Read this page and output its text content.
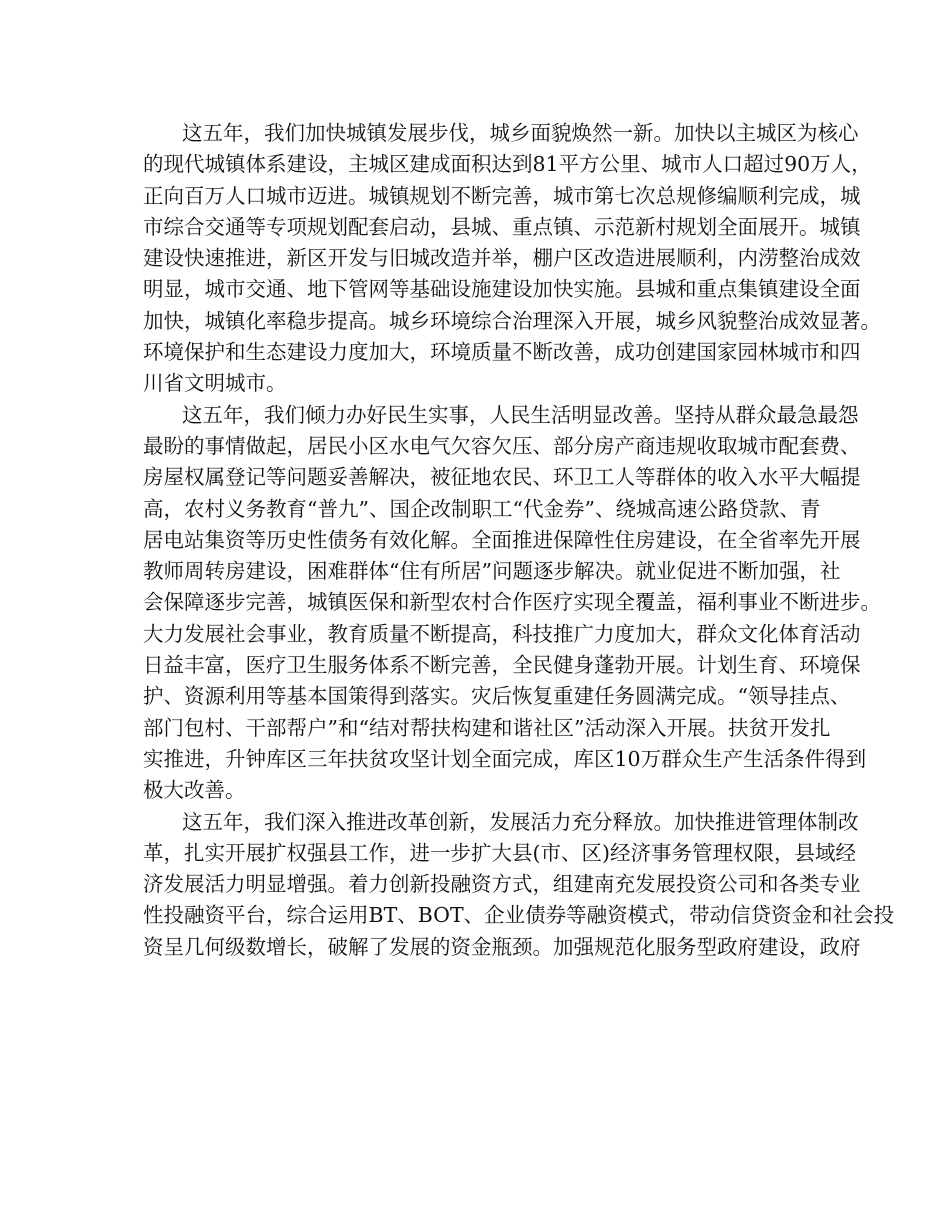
这五年，我们加快城镇发展步伐，城乡面貌焕然一新。加快以主城区为核心
的现代城镇体系建设，主城区建成面积达到81平方公里、城市人口超过90万人，
正向百万人口城市迈进。城镇规划不断完善，城市第七次总规修编顺利完成，城
市综合交通等专项规划配套启动，县城、重点镇、示范新村规划全面展开。城镇
建设快速推进，新区开发与旧城改造并举，棚户区改造进展顺利，内涝整治成效
明显，城市交通、地下管网等基础设施建设加快实施。县城和重点集镇建设全面
加快，城镇化率稳步提高。城乡环境综合治理深入开展，城乡风貌整治成效显著。
环境保护和生态建设力度加大，环境质量不断改善，成功创建国家园林城市和四
川省文明城市。
这五年，我们倾力办好民生实事，人民生活明显改善。坚持从群众最急最怨
最盼的事情做起，居民小区水电气欠容欠压、部分房产商违规收取城市配套费、
房屋权属登记等问题妥善解决，被征地农民、环卫工人等群体的收入水平大幅提
高，农村义务教育“普九”、国企改制职工“代金券”、绕城高速公路贷款、青
居电站集资等历史性债务有效化解。全面推进保障性住房建设，在全省率先开展
教师周转房建设，困难群体“住有所居”问题逐步解决。就业促进不断加强，社
会保障逐步完善，城镇医保和新型农村合作医疗实现全覆盖，福利事业不断进步。
大力发展社会事业，教育质量不断提高，科技推广力度加大，群众文化体育活动
日益丰富，医疗卫生服务体系不断完善，全民健身蓬勃开展。计划生育、环境保
护、资源利用等基本国策得到落实。灾后恢复重建任务圆满完成。“领导挂点、
部门包村、干部帮户”和“结对帮扶构建和谐社区”活动深入开展。扶贫开发扎
实推进，升钟库区三年扶贫攻坚计划全面完成，库区10万群众生产生活条件得到
极大改善。
这五年，我们深入推进改革创新，发展活力充分释放。加快推进管理体制改
革，扎实开展扩权强县工作，进一步扩大县(市、区)经济事务管理权限，县域经
济发展活力明显增强。着力创新投融资方式，组建南充发展投资公司和各类专业
性投融资平台，综合运用BT、BOT、企业债券等融资模式，带动信贷资金和社会投
资呈几何级数增长，破解了发展的资金瓶颈。加强规范化服务型政府建设，政府
